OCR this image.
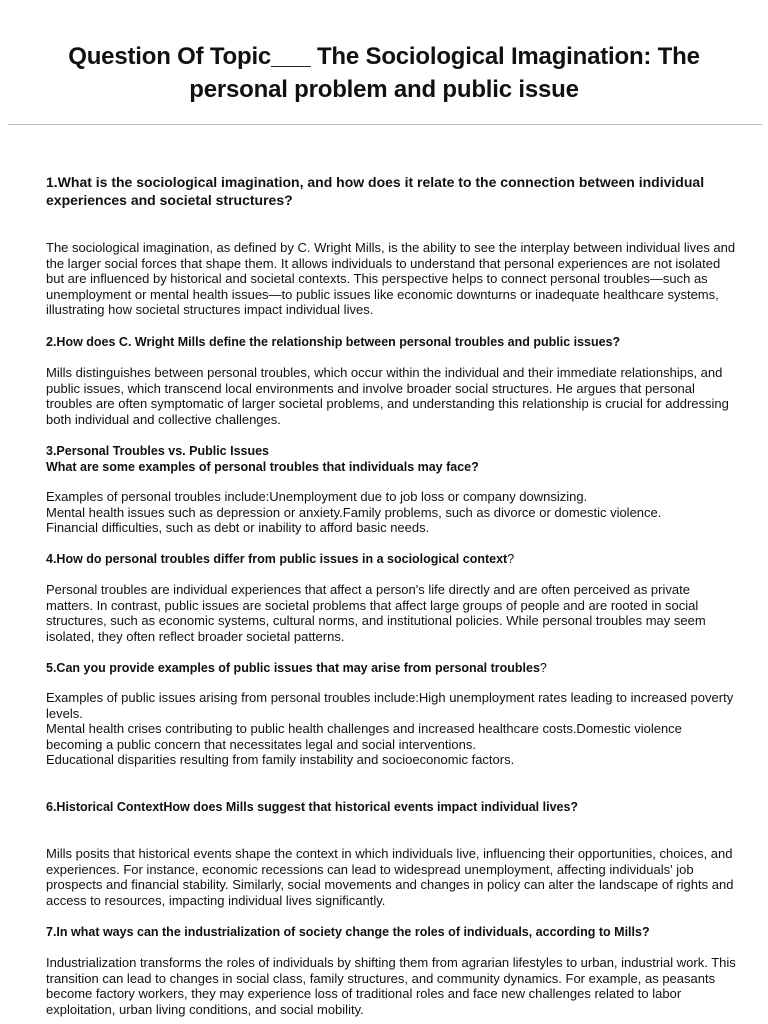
Question Of Topic___ The Sociological Imagination: The personal problem and public issue

1.What is the sociological imagination, and how does it relate to the connection between individual experiences and societal structures?

The sociological imagination, as defined by C. Wright Mills, is the ability to see the interplay between individual lives and the larger social forces that shape them. It allows individuals to understand that personal experiences are not isolated but are influenced by historical and societal contexts. This perspective helps to connect personal troubles—such as unemployment or mental health issues—to public issues like economic downturns or inadequate healthcare systems, illustrating how societal structures impact individual lives.

2.How does C. Wright Mills define the relationship between personal troubles and public issues?

Mills distinguishes between personal troubles, which occur within the individual and their immediate relationships, and public issues, which transcend local environments and involve broader social structures. He argues that personal troubles are often symptomatic of larger societal problems, and understanding this relationship is crucial for addressing both individual and collective challenges.

3.Personal Troubles vs. Public Issues
What are some examples of personal troubles that individuals may face?

Examples of personal troubles include:Unemployment due to job loss or company downsizing.
Mental health issues such as depression or anxiety.Family problems, such as divorce or domestic violence.
Financial difficulties, such as debt or inability to afford basic needs.

4.How do personal troubles differ from public issues in a sociological context?

Personal troubles are individual experiences that affect a person's life directly and are often perceived as private matters. In contrast, public issues are societal problems that affect large groups of people and are rooted in social structures, such as economic systems, cultural norms, and institutional policies. While personal troubles may seem isolated, they often reflect broader societal patterns.

5.Can you provide examples of public issues that may arise from personal troubles?

Examples of public issues arising from personal troubles include:High unemployment rates leading to increased poverty levels.
Mental health crises contributing to public health challenges and increased healthcare costs.Domestic violence becoming a public concern that necessitates legal and social interventions.
Educational disparities resulting from family instability and socioeconomic factors.

6.Historical ContextHow does Mills suggest that historical events impact individual lives?

Mills posits that historical events shape the context in which individuals live, influencing their opportunities, choices, and experiences. For instance, economic recessions can lead to widespread unemployment, affecting individuals' job prospects and financial stability. Similarly, social movements and changes in policy can alter the landscape of rights and access to resources, impacting individual lives significantly.

7.In what ways can the industrialization of society change the roles of individuals, according to Mills?

Industrialization transforms the roles of individuals by shifting them from agrarian lifestyles to urban, industrial work. This transition can lead to changes in social class, family structures, and community dynamics. For example, as peasants become factory workers, they may experience loss of traditional roles and face new challenges related to labor exploitation, urban living conditions, and social mobility.
